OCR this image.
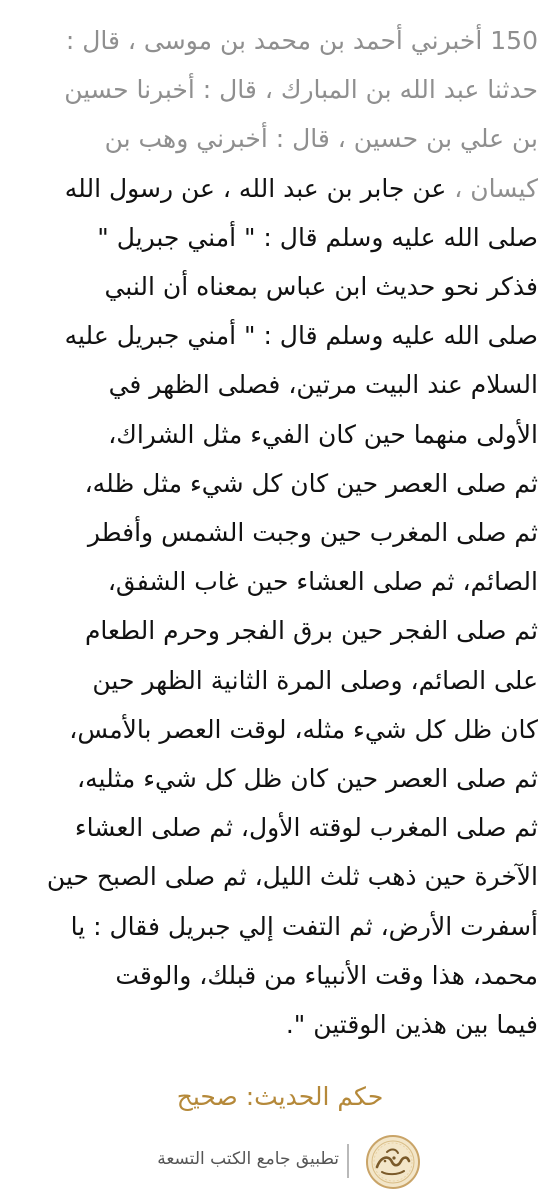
150 أخبرني أحمد بن محمد بن موسى ، قال :
حدثنا عبد الله بن المبارك ، قال : أخبرنا حسين
بن علي بن حسين ، قال : أخبرني وهب بن
كيسان ، عن جابر بن عبد الله ، عن رسول الله
صلى الله عليه وسلم قال : " أمني جبريل "
فذكر نحو حديث ابن عباس بمعناه أن النبي
صلى الله عليه وسلم قال : " أمني جبريل عليه
السلام عند البيت مرتين، فصلى الظهر في
الأولى منهما حين كان الفيء مثل الشراك،
ثم صلى العصر حين كان كل شيء مثل ظله،
ثم صلى المغرب حين وجبت الشمس وأفطر
الصائم، ثم صلى العشاء حين غاب الشفق،
ثم صلى الفجر حين برق الفجر وحرم الطعام
على الصائم، وصلى المرة الثانية الظهر حين
كان ظل كل شيء مثله، لوقت العصر بالأمس،
ثم صلى العصر حين كان ظل كل شيء مثليه،
ثم صلى المغرب لوقته الأول، ثم صلى العشاء
الآخرة حين ذهب ثلث الليل، ثم صلى الصبح حين
أسفرت الأرض، ثم التفت إلي جبريل فقال : يا
محمد، هذا وقت الأنبياء من قبلك، والوقت
فيما بين هذين الوقتين ".
حكم الحديث: صحيح
تطبيق جامع الكتب التسعة
